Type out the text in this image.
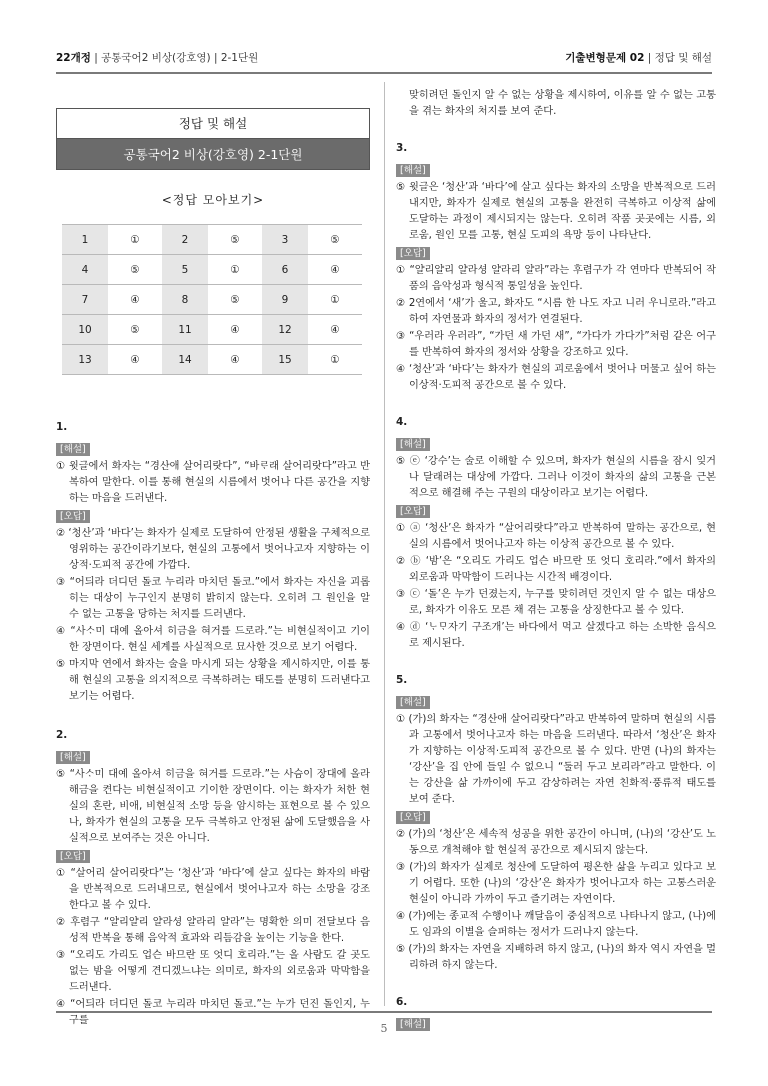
22개정 | 공통국어2 비상(강호영) | 2-1단원	기출변형문제 02 | 정답 및 해설
정답 및 해설
공통국어2 비상(강호영) 2-1단원
<정답 모아보기>
1	①	2	⑤	3	⑤
4	⑤	5	①	6	④
7	④	8	⑤	9	①
10	⑤	11	④	12	④
13	④	14	④	15	①
1.
[해설]
① 윗글에서 화자는 “경산애 살어리랏다”, “바ᄅᆞ래 살어리랏다”라고 반복하여 말한다. 이를 통해 현실의 시름에서 벗어나 다른 공간을 지향하는 마음을 드러낸다.
[오답]
② ‘청산’과 ‘바다’는 화자가 실제로 도달하여 안정된 생활을 구체적으로 영위하는 공간이라기보다, 현실의 고통에서 벗어나고자 지향하는 이상적·도피적 공간에 가깝다.
③ “어듸라 더디던 돌코 누리라 마치던 돌코.”에서 화자는 자신을 괴롭히는 대상이 누구인지 분명히 밝히지 않는다. 오히려 그 원인을 알 수 없는 고통을 당하는 처지를 드러낸다.
④ “사ᄉᆞ미 대예 올아셔 히금을 혀거를 드로라.”는 비현실적이고 기이한 장면이다. 현실 세계를 사실적으로 묘사한 것으로 보기 어렵다.
⑤ 마지막 연에서 화자는 술을 마시게 되는 상황을 제시하지만, 이를 통해 현실의 고통을 의지적으로 극복하려는 태도를 분명히 드러낸다고 보기는 어렵다.
2.
[해설]
⑤ “사ᄉᆞ미 대예 올아셔 히금을 혀거를 드로라.”는 사슴이 장대에 올라 해금을 켠다는 비현실적이고 기이한 장면이다. 이는 화자가 처한 현실의 혼란, 비애, 비현실적 소망 등을 암시하는 표현으로 볼 수 있으나, 화자가 현실의 고통을 모두 극복하고 안정된 삶에 도달했음을 사실적으로 보여주는 것은 아니다.
[오답]
① “살어리 살어리랏다”는 ‘청산’과 ‘바다’에 살고 싶다는 화자의 바람을 반복적으로 드러내므로, 현실에서 벗어나고자 하는 소망을 강조한다고 볼 수 있다.
② 후렴구 “얄리얄리 얄라셩 얄라리 얄라”는 명확한 의미 전달보다 음성적 반복을 통해 음악적 효과와 리듬감을 높이는 기능을 한다.
③ “오리도 가리도 업슨 바므란 또 엇디 호리라.”는 올 사람도 갈 곳도 없는 밤을 어떻게 견디겠느냐는 의미로, 화자의 외로움과 막막함을 드러낸다.
④ “어듸라 더디던 돌코 누리라 마치던 돌코.”는 누가 던진 돌인지, 누구를
맞히려던 돌인지 알 수 없는 상황을 제시하여, 이유를 알 수 없는 고통을 겪는 화자의 처지를 보여 준다.
3.
[해설]
⑤ 윗글은 ‘청산’과 ‘바다’에 살고 싶다는 화자의 소망을 반복적으로 드러내지만, 화자가 실제로 현실의 고통을 완전히 극복하고 이상적 삶에 도달하는 과정이 제시되지는 않는다. 오히려 작품 곳곳에는 시름, 외로움, 원인 모를 고통, 현실 도피의 욕망 등이 나타난다.
[오답]
① “얄리얄리 얄라셩 얄라리 얄라”라는 후렴구가 각 연마다 반복되어 작품의 음악성과 형식적 통일성을 높인다.
② 2연에서 ‘새’가 울고, 화자도 “시름 한 나도 자고 니러 우니로라.”라고 하여 자연물과 화자의 정서가 연결된다.
③ “우러라 우러라”, “가던 새 가던 새”, “가다가 가다가”처럼 같은 어구를 반복하여 화자의 정서와 상황을 강조하고 있다.
④ ‘청산’과 ‘바다’는 화자가 현실의 괴로움에서 벗어나 머물고 싶어 하는 이상적·도피적 공간으로 볼 수 있다.
4.
[해설]
⑤ ⓔ ‘강수’는 술로 이해할 수 있으며, 화자가 현실의 시름을 잠시 잊거나 달래려는 대상에 가깝다. 그러나 이것이 화자의 삶의 고통을 근본적으로 해결해 주는 구원의 대상이라고 보기는 어렵다.
[오답]
① ⓐ ‘청산’은 화자가 “살어리랏다”라고 반복하여 말하는 공간으로, 현실의 시름에서 벗어나고자 하는 이상적 공간으로 볼 수 있다.
② ⓑ ‘밤’은 “오리도 가리도 업슨 바므란 또 엇디 호리라.”에서 화자의 외로움과 막막함이 드러나는 시간적 배경이다.
③ ⓒ ‘돌’은 누가 던졌는지, 누구를 맞히려던 것인지 알 수 없는 대상으로, 화자가 이유도 모른 채 겪는 고통을 상징한다고 볼 수 있다.
④ ⓓ ‘ᄂᆞᄆᆞ자기 구조개’는 바다에서 먹고 살겠다고 하는 소박한 음식으로 제시된다.
5.
[해설]
① (가)의 화자는 “경산애 살어리랏다”라고 반복하여 말하며 현실의 시름과 고통에서 벗어나고자 하는 마음을 드러낸다. 따라서 ‘청산’은 화자가 지향하는 이상적·도피적 공간으로 볼 수 있다. 반면 (나)의 화자는 ‘강산’을 집 안에 들일 수 없으니 “둘러 두고 보리라”라고 말한다. 이는 강산을 삶 가까이에 두고 감상하려는 자연 친화적·풍류적 태도를 보여 준다.
[오답]
② (가)의 ‘청산’은 세속적 성공을 위한 공간이 아니며, (나)의 ‘강산’도 노동으로 개척해야 할 현실적 공간으로 제시되지 않는다.
③ (가)의 화자가 실제로 청산에 도달하여 평온한 삶을 누리고 있다고 보기 어렵다. 또한 (나)의 ‘강산’은 화자가 벗어나고자 하는 고통스러운 현실이 아니라 가까이 두고 즐기려는 자연이다.
④ (가)에는 종교적 수행이나 깨달음이 중심적으로 나타나지 않고, (나)에도 임과의 이별을 슬퍼하는 정서가 드러나지 않는다.
⑤ (가)의 화자는 자연을 지배하려 하지 않고, (나)의 화자 역시 자연을 멀리하려 하지 않는다.
6.
[해설]
5
